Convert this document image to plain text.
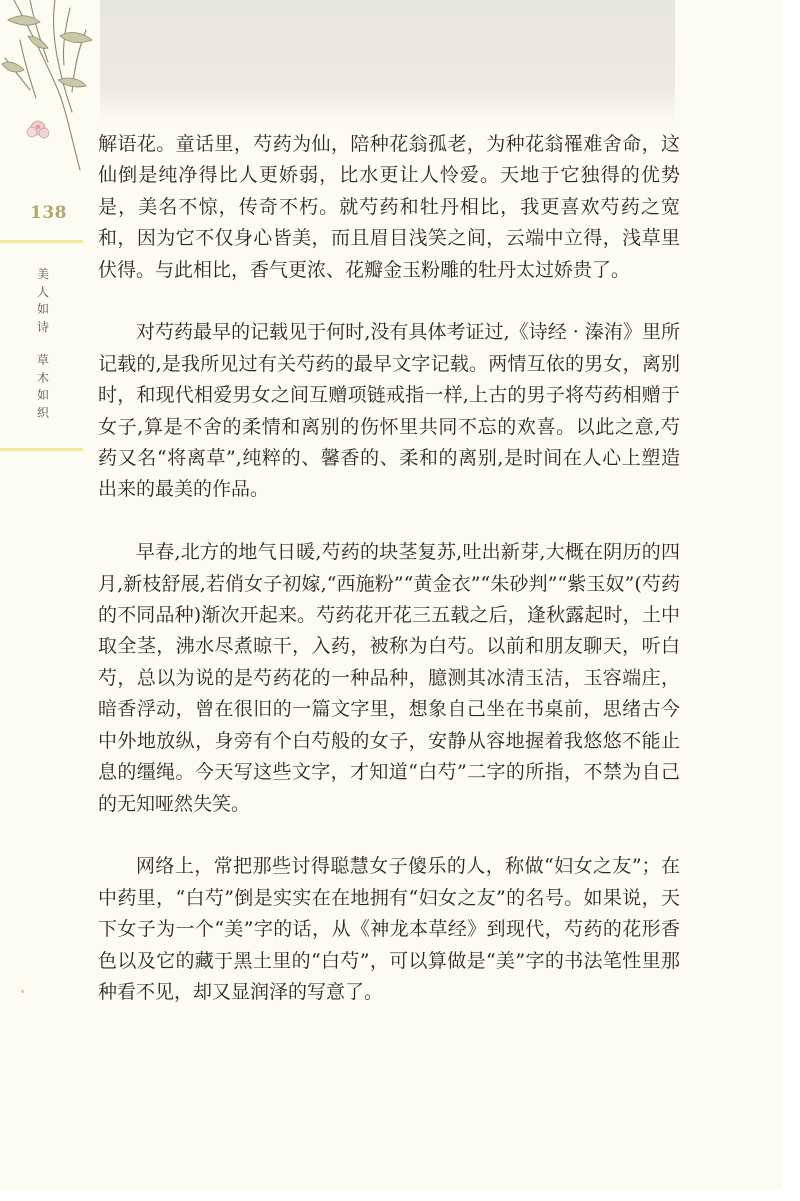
138
美人如诗
草木如织

解语花。童话里，芍药为仙，陪种花翁孤老，为种花翁罹难舍命，这仙倒是纯净得比人更娇弱，比水更让人怜爱。天地于它独得的优势是，美名不惊，传奇不朽。就芍药和牡丹相比，我更喜欢芍药之宽和，因为它不仅身心皆美，而且眉目浅笑之间，云端中立得，浅草里伏得。与此相比，香气更浓、花瓣金玉粉雕的牡丹太过娇贵了。

对芍药最早的记载见于何时,没有具体考证过,《诗经 · 溱洧》里所记载的,是我所见过有关芍药的最早文字记载。两情互依的男女，离别时，和现代相爱男女之间互赠项链戒指一样,上古的男子将芍药相赠于女子,算是不舍的柔情和离别的伤怀里共同不忘的欢喜。以此之意,芍药又名“将离草”,纯粹的、馨香的、柔和的离别,是时间在人心上塑造出来的最美的作品。

早春,北方的地气日暖,芍药的块茎复苏,吐出新芽,大概在阴历的四月,新枝舒展,若俏女子初嫁,“西施粉”“黄金衣”“朱砂判”“紫玉奴”(芍药的不同品种)渐次开起来。芍药花开花三五载之后，逢秋露起时，土中取全茎，沸水尽煮晾干，入药，被称为白芍。以前和朋友聊天，听白芍，总以为说的是芍药花的一种品种，臆测其冰清玉洁，玉容端庄，暗香浮动，曾在很旧的一篇文字里，想象自己坐在书桌前，思绪古今中外地放纵，身旁有个白芍般的女子，安静从容地握着我悠悠不能止息的缰绳。今天写这些文字，才知道“白芍”二字的所指，不禁为自己的无知哑然失笑。

网络上，常把那些讨得聪慧女子傻乐的人，称做“妇女之友”；在中药里，“白芍”倒是实实在在地拥有“妇女之友”的名号。如果说，天下女子为一个“美”字的话，从《神龙本草经》到现代，芍药的花形香色以及它的藏于黑土里的“白芍”，可以算做是“美”字的书法笔性里那种看不见，却又显润泽的写意了。
